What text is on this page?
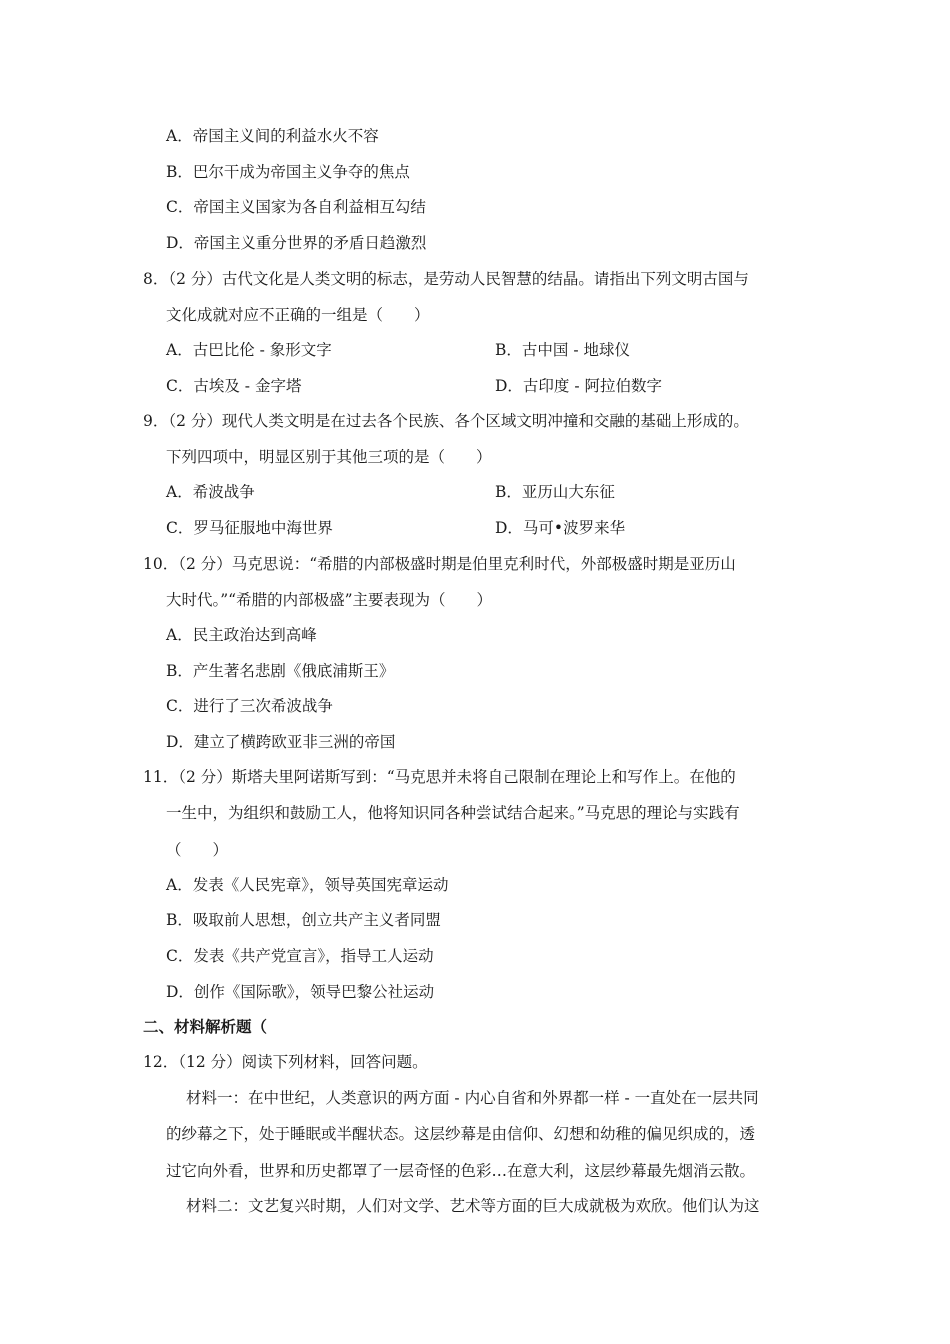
A．帝国主义间的利益水火不容
B．巴尔干成为帝国主义争夺的焦点
C．帝国主义国家为各自利益相互勾结
D．帝国主义重分世界的矛盾日趋激烈
8．（2 分）古代文化是人类文明的标志，是劳动人民智慧的结晶。请指出下列文明古国与
文化成就对应不正确的一组是（　　）
A．古巴比伦 - 象形文字	B．古中国 - 地球仪
C．古埃及 - 金字塔	D．古印度 - 阿拉伯数字
9．（2 分）现代人类文明是在过去各个民族、各个区域文明冲撞和交融的基础上形成的。
下列四项中，明显区别于其他三项的是（　　）
A．希波战争	B．亚历山大东征
C．罗马征服地中海世界	D．马可•波罗来华
10．（2 分）马克思说：“希腊的内部极盛时期是伯里克利时代，外部极盛时期是亚历山
大时代。”“希腊的内部极盛”主要表现为（　　）
A．民主政治达到高峰
B．产生著名悲剧《俄底浦斯王》
C．进行了三次希波战争
D．建立了横跨欧亚非三洲的帝国
11．（2 分）斯塔夫里阿诺斯写到：“马克思并未将自己限制在理论上和写作上。在他的
一生中，为组织和鼓励工人，他将知识同各种尝试结合起来。”马克思的理论与实践有
（　　）
A．发表《人民宪章》，领导英国宪章运动
B．吸取前人思想，创立共产主义者同盟
C．发表《共产党宣言》，指导工人运动
D．创作《国际歌》，领导巴黎公社运动
二、材料解析题（
12．（12 分）阅读下列材料，回答问题。
材料一：在中世纪，人类意识的两方面 - 内心自省和外界都一样 - 一直处在一层共同
的纱幕之下，处于睡眠或半醒状态。这层纱幕是由信仰、幻想和幼稚的偏见织成的，透
过它向外看，世界和历史都罩了一层奇怪的色彩…在意大利，这层纱幕最先烟消云散。
材料二：文艺复兴时期，人们对文学、艺术等方面的巨大成就极为欢欣。他们认为这
